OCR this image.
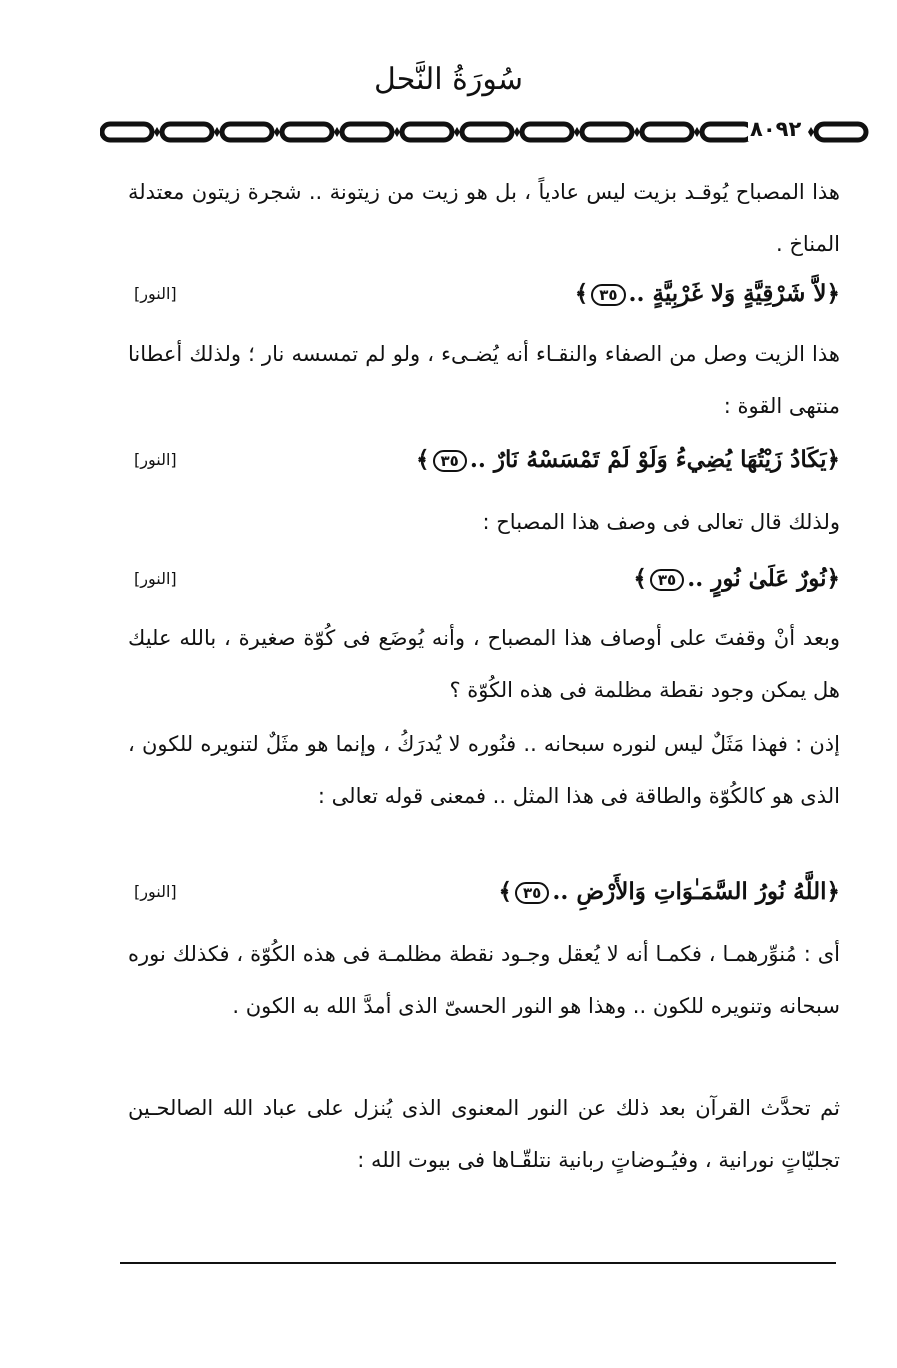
سُورَةُ النَّحل
٨٠٩٢
هذا المصباح يُوقـد بزيت ليس عادياً ، بل هو زيت من زيتونة .. شجرة زيتون معتدلة المناخ .
﴿لاَّ شَرْقِيَّةٍ وَلا غَرْبِيَّةٍ ..٣٥﴾
[النور]
هذا الزيت وصل من الصفاء والنقـاء أنه يُضـىء ، ولو لم تمسسه نار ؛ ولذلك أعطانا منتهى القوة :
﴿يَكَادُ زَيْتُهَا يُضِيءُ وَلَوْ لَمْ تَمْسَسْهُ نَارٌ ..٣٥﴾
[النور]
ولذلك قال تعالى فى وصف هذا المصباح :
﴿نُورٌ عَلَىٰ نُورٍ ..٣٥﴾
[النور]
وبعد أنْ وقفتَ على أوصاف هذا المصباح ، وأنه يُوضَع فى كُوّة صغيرة ، بالله عليك هل يمكن وجود نقطة مظلمة فى هذه الكُوّة ؟
إذن : فهذا مَثَلٌ ليس لنوره سبحانه .. فنُوره لا يُدرَكُ ، وإنما هو مثَلٌ لتنويره للكون ، الذى هو كالكُوّة والطاقة فى هذا المثل .. فمعنى قوله تعالى :
﴿اللَّهُ نُورُ السَّمَـٰوَاتِ وَالأَرْضِ ..٣٥﴾
[النور]
أى : مُنوِّرهمـا ، فكمـا أنه لا يُعقل وجـود نقطة مظلمـة فى هذه الكُوّة ، فكذلك نوره سبحانه وتنويره للكون .. وهذا هو النور الحسىّ الذى أمدَّ الله به الكون .
ثم تحدَّث القرآن بعد ذلك عن النور المعنوى الذى يُنزل على عباد الله الصالحـين تجليّاتٍ نورانية ، وفيُـوضاتٍ ربانية نتلقّـاها فى بيوت الله :
